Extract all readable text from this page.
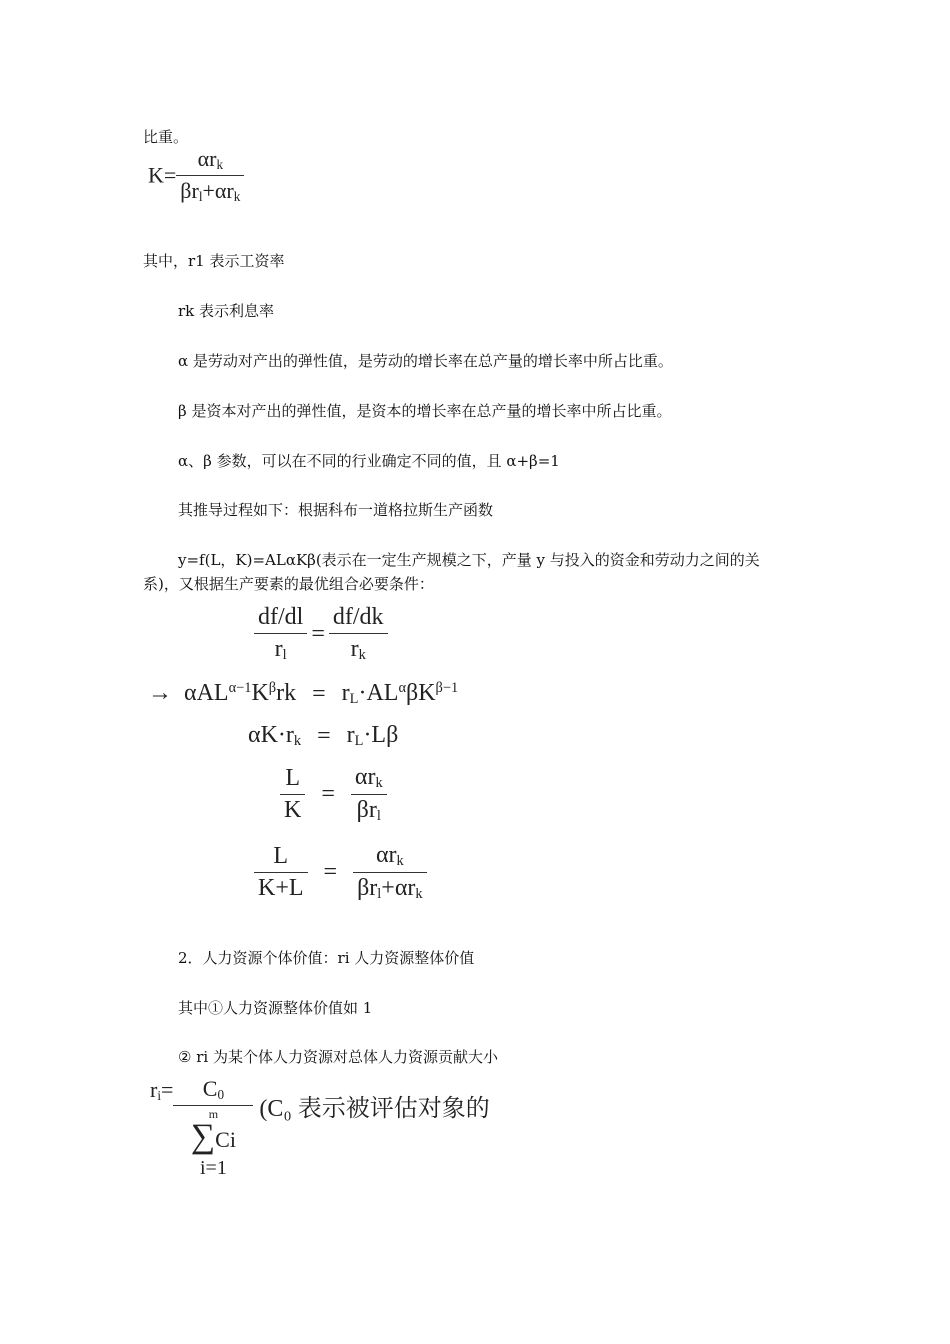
比重。
$K= \frac{\alpha r_k}{\beta r_l+\alpha r_k}$
其中，r1 表示工资率
rk 表示利息率
α 是劳动对产出的弹性值，是劳动的增长率在总产量的增长率中所占比重。
β 是资本对产出的弹性值，是资本的增长率在总产量的增长率中所占比重。
α、β 参数，可以在不同的行业确定不同的值，且 α+β=1
其推导过程如下：根据科布一道格拉斯生产函数
y=f(L，K)=ALαKβ(表示在一定生产规模之下，产量 y 与投入的资金和劳动力之间的关
系)，又根据生产要素的最优组合必要条件：
$\frac{df/dl}{r_l} = \frac{df/dk}{r_k}$
→  $\alpha AL^{\alpha-1}K^\beta rk = r_L\cdot AL^\alpha\beta K^{\beta-1}$
$\alpha K\cdot r_k = r_L\cdot L\beta$
$\frac{L}{K} = \frac{\alpha r_k}{\beta r_l}$
$\frac{L}{K+L} = \frac{\alpha r_k}{\beta r_l+\alpha r_k}$
2．人力资源个体价值：ri 人力资源整体价值
其中①人力资源整体价值如 1
② ri 为某个体人力资源对总体人力资源贡献大小
$r_i= C_0$
m
∑Ci
i=1 (C₀ 表示被评估对象的
